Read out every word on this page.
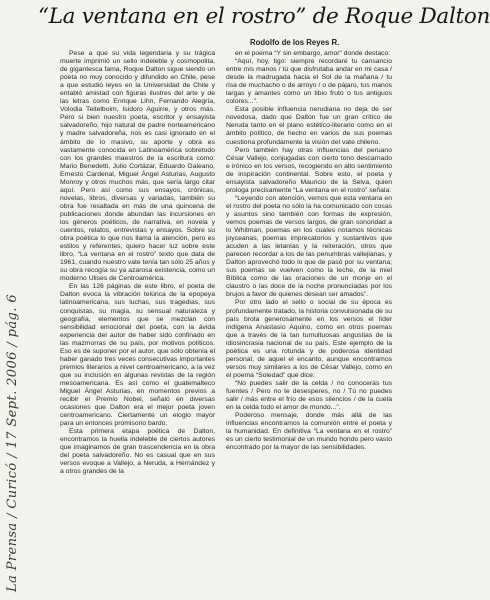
“La ventana en el rostro” de Roque Dalton
Rodolfo de los Reyes R.

Pese a que su vida legendaria y su trágica muerte imprimió un sello indeleble y cosmopolita, de gigantesca fama, Roque Dalton sigue siendo un poeta no muy conocido y difundido en Chile, pese a que estudió leyes en la Universidad de Chile y entabló amistad con figuras ilustres del arte y de las letras como Enrique Lihn, Fernando Alegría, Volodia Teitelboim, Isidoro Aguirre, y otros más. Pero si bien nuestro poeta, escritor y ensayista salvadoreño, hijo natural de padre norteamericano y madre salvadoreña, nos es casi ignorado en el ámbito de lo masivo, su aporte y obra es vastamente conocida en Latinoamérica sobretodo con los grandes maestros de la escritura como: Mario Benedetti, Julio Cortázar, Eduardo Galeano, Ernesto Cardenal, Miguel Ángel Asturias, Augusto Monroy y otros muchos más, que sería largo citar aquí. Pero así como sus ensayos, crónicas, novelas, libros, diversas y variadas, también su obra fue resaltada en más de una quincena de publicaciones donde abundan las incursiones en los géneros poéticos, de narrativa, en novela y cuentos, relatos, entrevistas y ensayos. Sobre su obra poética lo que nos llama la atención, pero es estilos y referentes, quiero hacer luz sobre este libro, “La ventana en el rostro” texto que data de 1961, cuando nuestro vate tenía tan sólo 25 años y su obra recogía su ya azarosa existencia, como un moderno Ulises de Centroamérica.

En las 126 páginas de este libro, el poeta de Dalton evoca la vibración telúrica de la epopeya latinoamericana, sus luchas, sus tragedias, sus conquistas, su magia, su sensual naturaleza y geografía, elementos que se mezclan con sensibilidad emocional del poeta, con la ávida experiencia del autor de haber sido confinado en las mazmorras de su país, por motivos políticos. Eso es de suponer por el autor, que sólo obtenía el haber ganado tres veces consecutivas importantes premios literarios a nivel centroamericano, a la vez que su inclusión en algunas revistas de la región mesoamericana. Es así como el guatemalteco Miguel Ángel Asturias, en momentos previos a recibir el Premio Nobel, señaló en diversas ocasiones que Dalton era el mejor poeta joven centroamericano. Ciertamente un elogio mayor para un entonces promisorio bardo.

Esta primera etapa poética de Dalton, encontramos la huella indeleble de ciertos autores que imaginamos de gran trascendencia en la obra del poeta salvadoreño. No es casual que en sus versos evoque a Vallejo, a Neruda, a Hernández y a otros grandes de la

en el poema “Y sin embargo, amor” donde destaco:

“Aquí, hoy, tigo: siempre recordaré tu cansancio entre mis manos / tú que disfrutaba andar en mi casa / desde la madrugada hacia el Sol de la mañana / tu risa de muchacho o de arroyo / o de pájaro, tus manos largas y amantes como un tibio fruto o tus antiguos colores...”.

Esta posible influencia nerudiana no deja de ser novedosa, dado que Dalton fue un gran crítico de Neruda tanto en el plano estético-literario como en el ámbito político, de hecho en varios de sus poemas cuestiona profundamente la visión del vate chileno.

Pero también hay otras influencias del peruano César Vallejo, conjugadas con cierto tono descarnado e irónico en los versos, recogiendo en alto sentimiento de inspiración continental. Sobre esto, el poeta y ensayista salvadoreño Mauricio de la Selva, quien prologa precisamente “La ventana en el rostro” señala:

“Leyendo con atención, vemos que esta ventana en el rostro del poeta no sólo la ha comunicado con cosas y asuntos sino también con formas de expresión, vemos poemas de versos largos, de gran sonoridad a lo Whitman, poemas en los cuales notamos técnicas joyceanas, poemas imprecatorios y sustantivos que acuden a las letanías y la reiteración, otros que parecen recordar a los de las penumbras vallejianas, y Dalton aprovechó todo lo que de pasó por su ventana; sus poemas se vuelven como la leche, de la miel Bíblica como de las oraciones de un monje en el claustro o las doce de la noche pronunciadas por los brujos a favor de quienes desean ser amados”.

Por otro lado el sello o social de su época es profundamente tratado, la historia convulsionada de su país brota generosamente en los versos el líder indígena Anastasio Aquino, como en otros poemas que a través de la tan tumultuosas angustias de la idiosincrasia nacional de su país. Este ejemplo de la poética es una rotunda y de poderosa identidad personal, de aquel el encanto, aunque encontramos versos muy similares a los de César Vallejo, como en el poema “Soledad” que dice:

“No puedes salir de la celda / no conocerás tus fuentes / Pero no te desesperes, no / Tú no puedes salir / más entre el frío de esos silencios / de la cuela en la celda todo el amor de mundo...”.

Poderoso mensaje, donde más allá de las influencias encontramos la comunión entre el poeta y la humanidad. En definitiva “La ventana en el rostro” es un cierto testimonial de un mundo hondo pero vasto encontrado por la mayor de las sensibilidades.

La Prensa / Curicó / 17 Sept. 2006 / pág. 6
